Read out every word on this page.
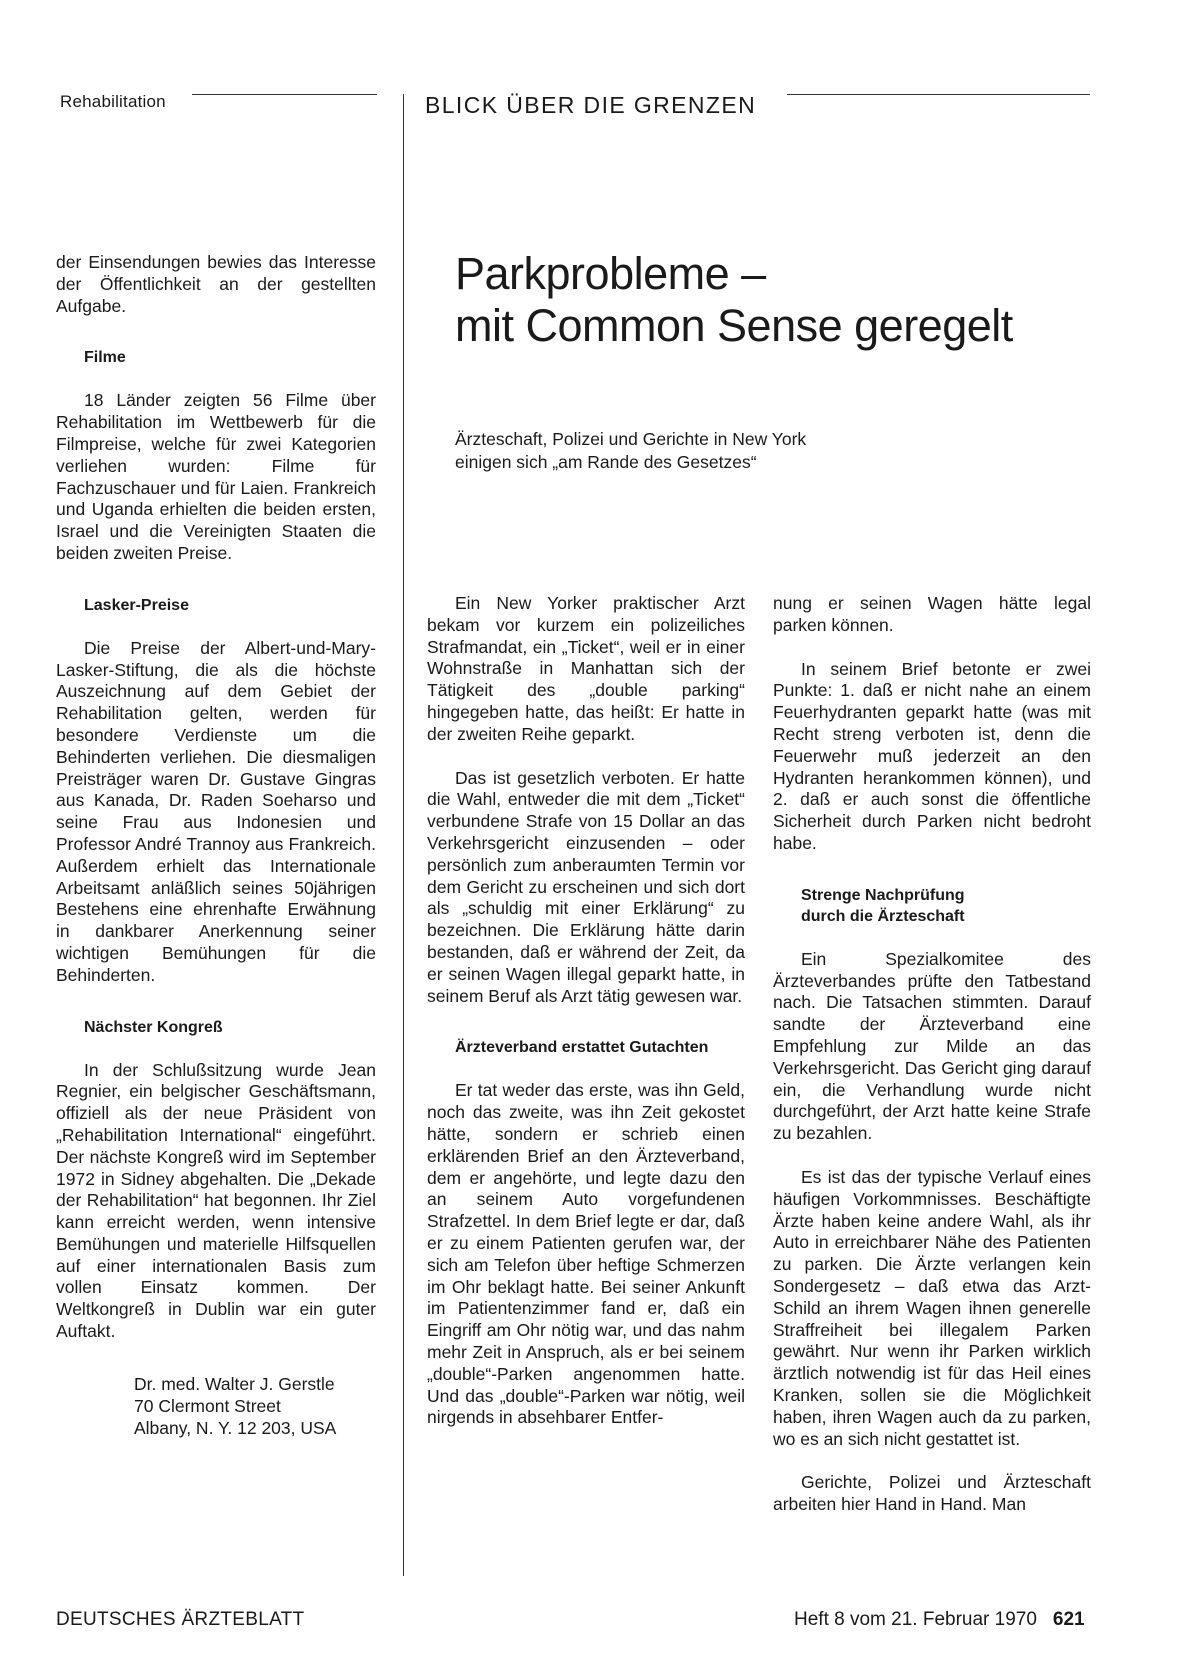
Rehabilitation	BLICK ÜBER DIE GRENZEN
Parkprobleme –
mit Common Sense geregelt
Ärzteschaft, Polizei und Gerichte in New York
einigen sich „am Rande des Gesetzes“

der Einsendungen bewies das Interesse der Öffentlichkeit an der gestellten Aufgabe.

Filme

18 Länder zeigten 56 Filme über Rehabilitation im Wettbewerb für die Filmpreise, welche für zwei Kategorien verliehen wurden: Filme für Fachzuschauer und für Laien. Frankreich und Uganda erhielten die beiden ersten, Israel und die Vereinigten Staaten die beiden zweiten Preise.

Lasker-Preise

Die Preise der Albert-und-Mary-Lasker-Stiftung, die als die höchste Auszeichnung auf dem Gebiet der Rehabilitation gelten, werden für besondere Verdienste um die Behinderten verliehen. Die diesmaligen Preisträger waren Dr. Gustave Gingras aus Kanada, Dr. Raden Soeharso und seine Frau aus Indonesien und Professor André Trannoy aus Frankreich. Außerdem erhielt das Internationale Arbeitsamt anläßlich seines 50jährigen Bestehens eine ehrenhafte Erwähnung in dankbarer Anerkennung seiner wichtigen Bemühungen für die Behinderten.

Nächster Kongreß

In der Schlußsitzung wurde Jean Regnier, ein belgischer Geschäftsmann, offiziell als der neue Präsident von „Rehabilitation International“ eingeführt. Der nächste Kongreß wird im September 1972 in Sidney abgehalten. Die „Dekade der Rehabilitation“ hat begonnen. Ihr Ziel kann erreicht werden, wenn intensive Bemühungen und materielle Hilfsquellen auf einer internationalen Basis zum vollen Einsatz kommen. Der Weltkongreß in Dublin war ein guter Auftakt.

Dr. med. Walter J. Gerstle
70 Clermont Street
Albany, N. Y. 12 203, USA

Ein New Yorker praktischer Arzt bekam vor kurzem ein polizeiliches Strafmandat, ein „Ticket“, weil er in einer Wohnstraße in Manhattan sich der Tätigkeit des „double parking“ hingegeben hatte, das heißt: Er hatte in der zweiten Reihe geparkt.

Das ist gesetzlich verboten. Er hatte die Wahl, entweder die mit dem „Ticket“ verbundene Strafe von 15 Dollar an das Verkehrsgericht einzusenden – oder persönlich zum anberaumten Termin vor dem Gericht zu erscheinen und sich dort als „schuldig mit einer Erklärung“ zu bezeichnen. Die Erklärung hätte darin bestanden, daß er während der Zeit, da er seinen Wagen illegal geparkt hatte, in seinem Beruf als Arzt tätig gewesen war.

Ärzteverband erstattet Gutachten

Er tat weder das erste, was ihn Geld, noch das zweite, was ihn Zeit gekostet hätte, sondern er schrieb einen erklärenden Brief an den Ärzteverband, dem er angehörte, und legte dazu den an seinem Auto vorgefundenen Strafzettel. In dem Brief legte er dar, daß er zu einem Patienten gerufen war, der sich am Telefon über heftige Schmerzen im Ohr beklagt hatte. Bei seiner Ankunft im Patientenzimmer fand er, daß ein Eingriff am Ohr nötig war, und das nahm mehr Zeit in Anspruch, als er bei seinem „double“-Parken angenommen hatte. Und das „double“-Parken war nötig, weil nirgends in absehbarer Entfer-

nung er seinen Wagen hätte legal parken können.

In seinem Brief betonte er zwei Punkte: 1. daß er nicht nahe an einem Feuerhydranten geparkt hatte (was mit Recht streng verboten ist, denn die Feuerwehr muß jederzeit an den Hydranten herankommen können), und 2. daß er auch sonst die öffentliche Sicherheit durch Parken nicht bedroht habe.

Strenge Nachprüfung
durch die Ärzteschaft

Ein Spezialkomitee des Ärzteverbandes prüfte den Tatbestand nach. Die Tatsachen stimmten. Darauf sandte der Ärzteverband eine Empfehlung zur Milde an das Verkehrsgericht. Das Gericht ging darauf ein, die Verhandlung wurde nicht durchgeführt, der Arzt hatte keine Strafe zu bezahlen.

Es ist das der typische Verlauf eines häufigen Vorkommnisses. Beschäftigte Ärzte haben keine andere Wahl, als ihr Auto in erreichbarer Nähe des Patienten zu parken. Die Ärzte verlangen kein Sondergesetz – daß etwa das Arzt-Schild an ihrem Wagen ihnen generelle Straffreiheit bei illegalem Parken gewährt. Nur wenn ihr Parken wirklich ärztlich notwendig ist für das Heil eines Kranken, sollen sie die Möglichkeit haben, ihren Wagen auch da zu parken, wo es an sich nicht gestattet ist.

Gerichte, Polizei und Ärzteschaft arbeiten hier Hand in Hand. Man

DEUTSCHES ÄRZTEBLATT	Heft 8 vom 21. Februar 1970 621
